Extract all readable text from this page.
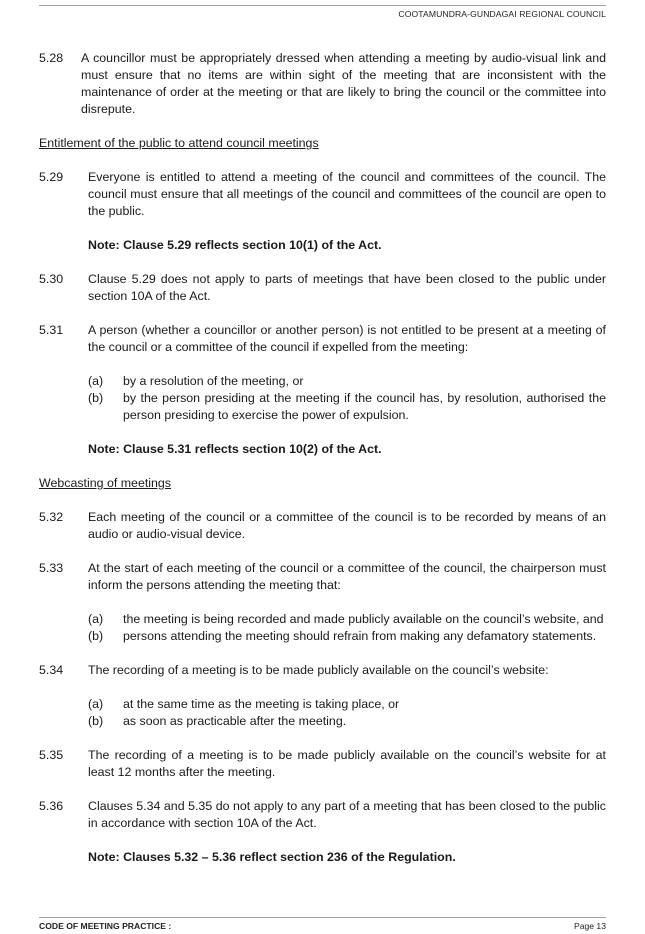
COOTAMUNDRA-GUNDAGAI REGIONAL COUNCIL
5.28	A councillor must be appropriately dressed when attending a meeting by audio-visual link and must ensure that no items are within sight of the meeting that are inconsistent with the maintenance of order at the meeting or that are likely to bring the council or the committee into disrepute.
Entitlement of the public to attend council meetings
5.29	Everyone is entitled to attend a meeting of the council and committees of the council. The council must ensure that all meetings of the council and committees of the council are open to the public.
Note: Clause 5.29 reflects section 10(1) of the Act.
5.30	Clause 5.29 does not apply to parts of meetings that have been closed to the public under section 10A of the Act.
5.31	A person (whether a councillor or another person) is not entitled to be present at a meeting of the council or a committee of the council if expelled from the meeting:
(a)	by a resolution of the meeting, or
(b)	by the person presiding at the meeting if the council has, by resolution, authorised the person presiding to exercise the power of expulsion.
Note: Clause 5.31 reflects section 10(2) of the Act.
Webcasting of meetings
5.32	Each meeting of the council or a committee of the council is to be recorded by means of an audio or audio-visual device.
5.33	At the start of each meeting of the council or a committee of the council, the chairperson must inform the persons attending the meeting that:
(a)	the meeting is being recorded and made publicly available on the council’s website, and
(b)	persons attending the meeting should refrain from making any defamatory statements.
5.34	The recording of a meeting is to be made publicly available on the council’s website:
(a)	at the same time as the meeting is taking place, or
(b)	as soon as practicable after the meeting.
5.35	The recording of a meeting is to be made publicly available on the council’s website for at least 12 months after the meeting.
5.36	Clauses 5.34 and 5.35 do not apply to any part of a meeting that has been closed to the public in accordance with section 10A of the Act.
Note: Clauses 5.32 – 5.36 reflect section 236 of the Regulation.
CODE OF MEETING PRACTICE :	Page 13
